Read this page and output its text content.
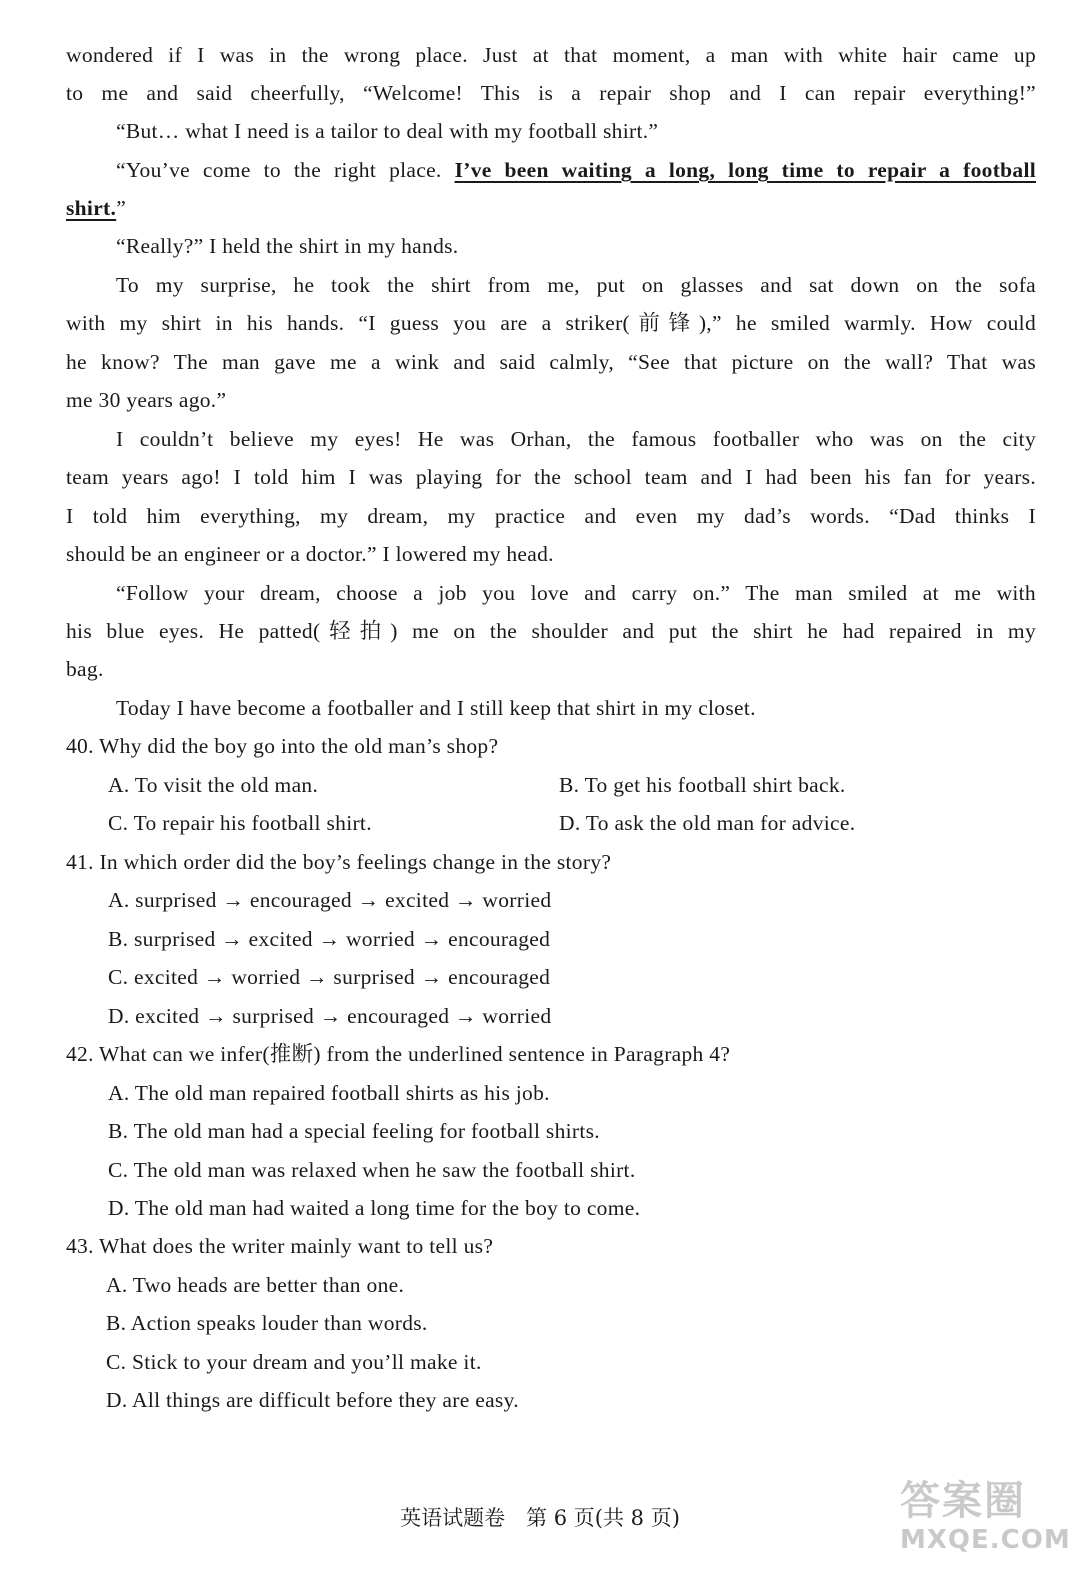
wondered if I was in the wrong place. Just at that moment, a man with white hair came up
to me and said cheerfully, “Welcome! This is a repair shop and I can repair everything!”
“But… what I need is a tailor to deal with my football shirt.”
“You’ve come to the right place. I’ve been waiting a long, long time to repair a football
shirt.”
“Really?” I held the shirt in my hands.
To my surprise, he took the shirt from me, put on glasses and sat down on the sofa
with my shirt in his hands. “I guess you are a striker(前锋),” he smiled warmly. How could
he know? The man gave me a wink and said calmly, “See that picture on the wall? That was
me 30 years ago.”
I couldn’t believe my eyes! He was Orhan, the famous footballer who was on the city
team years ago! I told him I was playing for the school team and I had been his fan for years.
I told him everything, my dream, my practice and even my dad’s words. “Dad thinks I
should be an engineer or a doctor.” I lowered my head.
“Follow your dream, choose a job you love and carry on.” The man smiled at me with
his blue eyes. He patted(轻拍) me on the shoulder and put the shirt he had repaired in my
bag.
Today I have become a footballer and I still keep that shirt in my closet.
40. Why did the boy go into the old man’s shop?
A. To visit the old man.	B. To get his football shirt back.
C. To repair his football shirt.	D. To ask the old man for advice.
41. In which order did the boy’s feelings change in the story?
A. surprised → encouraged → excited → worried
B. surprised → excited → worried → encouraged
C. excited → worried → surprised → encouraged
D. excited → surprised → encouraged → worried
42. What can we infer(推断) from the underlined sentence in Paragraph 4?
A. The old man repaired football shirts as his job.
B. The old man had a special feeling for football shirts.
C. The old man was relaxed when he saw the football shirt.
D. The old man had waited a long time for the boy to come.
43. What does the writer mainly want to tell us?
A. Two heads are better than one.
B. Action speaks louder than words.
C. Stick to your dream and you’ll make it.
D. All things are difficult before they are easy.
英语试题卷　第 6 页(共 8 页)	答案圈
MXQE.COM
